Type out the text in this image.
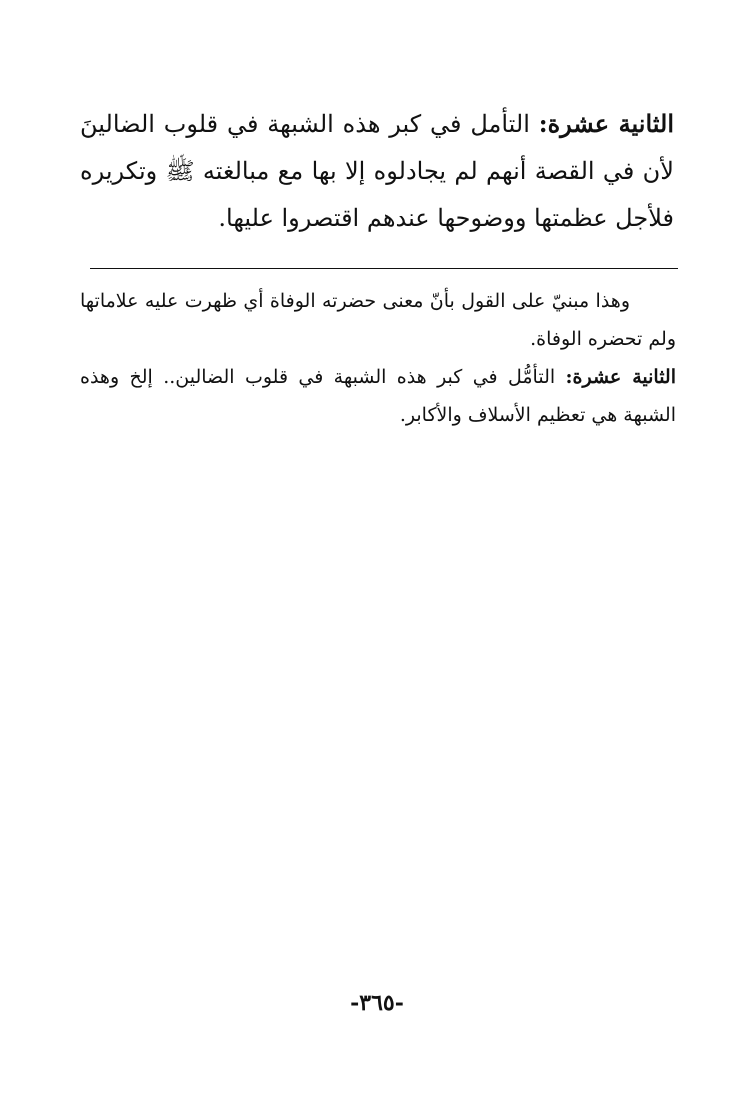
الثانية عشرة: التأمل في كبر هذه الشبهة في قلوب الضالينَ لأن في القصة أنهم لم يجادلوه إلا بها مع مبالغته ﷺ وتكريره فلأجل عظمتها ووضوحها عندهم اقتصروا عليها.

وهذا مبنيّ على القول بأنّ معنى حضرته الوفاة أي ظهرت عليه علاماتها ولم تحضره الوفاة.

الثانية عشرة: التأمُّل في كبر هذه الشبهة في قلوب الضالين.. إلخ وهذه الشبهة هي تعظيم الأسلاف والأكابر.

-٣٦٥-
